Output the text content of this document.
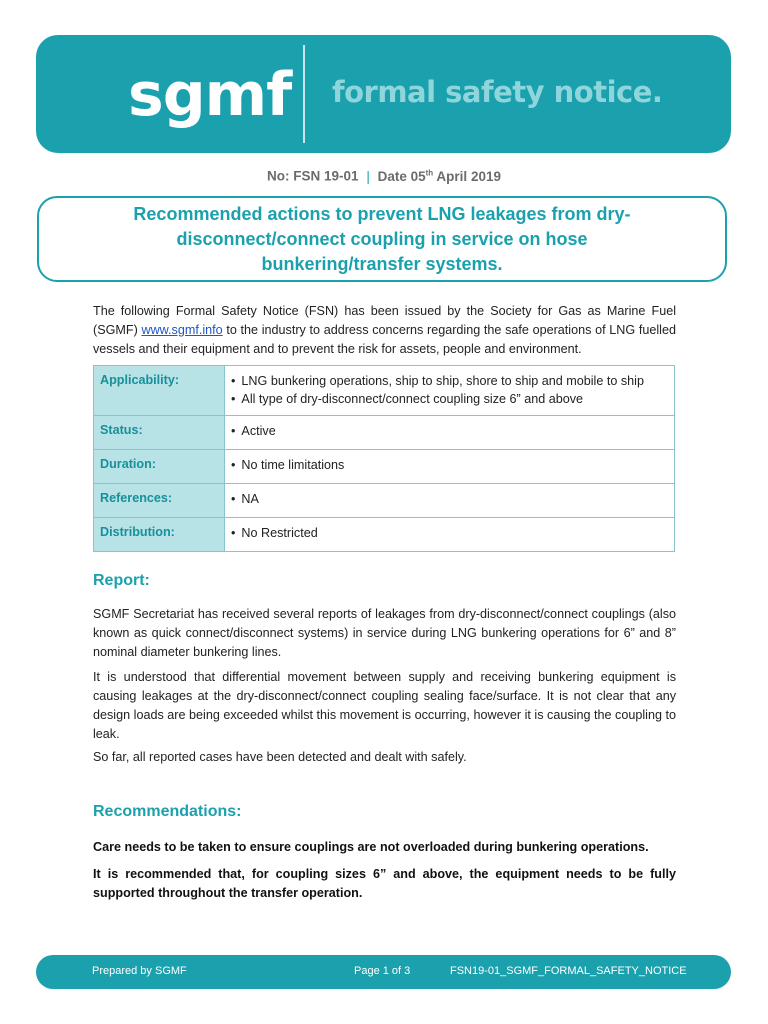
sgmf formal safety notice.
No: FSN 19-01 | Date 05th April 2019
Recommended actions to prevent LNG leakages from dry-disconnect/connect coupling in service on hose bunkering/transfer systems.

The following Formal Safety Notice (FSN) has been issued by the Society for Gas as Marine Fuel (SGMF) www.sgmf.info to the industry to address concerns regarding the safe operations of LNG fuelled vessels and their equipment and to prevent the risk for assets, people and environment.

Applicability:	• LNG bunkering operations, ship to ship, shore to ship and mobile to ship
• All type of dry-disconnect/connect coupling size 6” and above

Status:	• Active

Duration:	• No time limitations

References:	• NA

Distribution:	• No Restricted
Report:

SGMF Secretariat has received several reports of leakages from dry-disconnect/connect couplings (also known as quick connect/disconnect systems) in service during LNG bunkering operations for 6” and 8” nominal diameter bunkering lines.

It is understood that differential movement between supply and receiving bunkering equipment is causing leakages at the dry-disconnect/connect coupling sealing face/surface. It is not clear that any design loads are being exceeded whilst this movement is occurring, however it is causing the coupling to leak.

So far, all reported cases have been detected and dealt with safely.

Recommendations:

Care needs to be taken to ensure couplings are not overloaded during bunkering operations.

It is recommended that, for coupling sizes 6” and above, the equipment needs to be fully supported throughout the transfer operation.

Prepared by SGMF	Page 1 of 3	FSN19-01_SGMF_FORMAL_SAFETY_NOTICE
